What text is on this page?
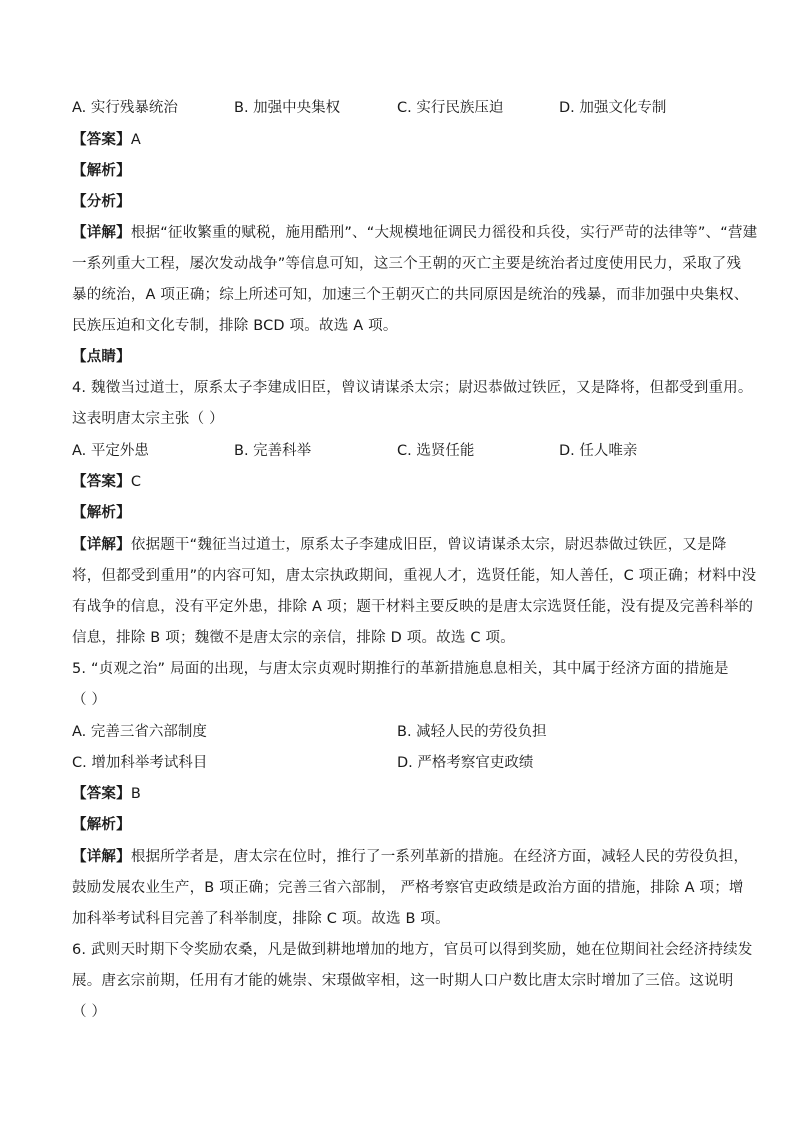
A. 实行残暴统治	B. 加强中央集权	C. 实行民族压迫	D. 加强文化专制
【答案】A
【解析】
【分析】
【详解】根据“征收繁重的赋税，施用酷刑”、“大规模地征调民力徭役和兵役，实行严苛的法律等”、“营建
一系列重大工程，屡次发动战争”等信息可知，这三个王朝的灭亡主要是统治者过度使用民力，采取了残
暴的统治，A 项正确；综上所述可知，加速三个王朝灭亡的共同原因是统治的残暴，而非加强中央集权、
民族压迫和文化专制，排除 BCD 项。故选 A 项。
【点睛】
4. 魏徵当过道士，原系太子李建成旧臣，曾议请谋杀太宗；尉迟恭做过铁匠，又是降将，但都受到重用。
这表明唐太宗主张（ ）
A. 平定外患	B. 完善科举	C. 选贤任能	D. 任人唯亲
【答案】C
【解析】
【详解】依据题干“魏征当过道士，原系太子李建成旧臣，曾议请谋杀太宗，尉迟恭做过铁匠，又是降
将，但都受到重用”的内容可知，唐太宗执政期间，重视人才，选贤任能，知人善任，C 项正确；材料中没
有战争的信息，没有平定外患，排除 A 项；题干材料主要反映的是唐太宗选贤任能，没有提及完善科举的
信息，排除 B 项；魏徵不是唐太宗的亲信，排除 D 项。故选 C 项。
5. “贞观之治” 局面的出现，与唐太宗贞观时期推行的革新措施息息相关，其中属于经济方面的措施是
（ ）
A. 完善三省六部制度	B. 减轻人民的劳役负担
C. 增加科举考试科目	D. 严格考察官吏政绩
【答案】B
【解析】
【详解】根据所学者是，唐太宗在位时，推行了一系列革新的措施。在经济方面，减轻人民的劳役负担，
鼓励发展农业生产，B 项正确；完善三省六部制， 严格考察官吏政绩是政治方面的措施，排除 A 项；增
加科举考试科目完善了科举制度，排除 C 项。故选 B 项。
6. 武则天时期下令奖励农桑，凡是做到耕地增加的地方，官员可以得到奖励，她在位期间社会经济持续发
展。唐玄宗前期，任用有才能的姚崇、宋璟做宰相，这一时期人口户数比唐太宗时增加了三倍。这说明
（ ）
